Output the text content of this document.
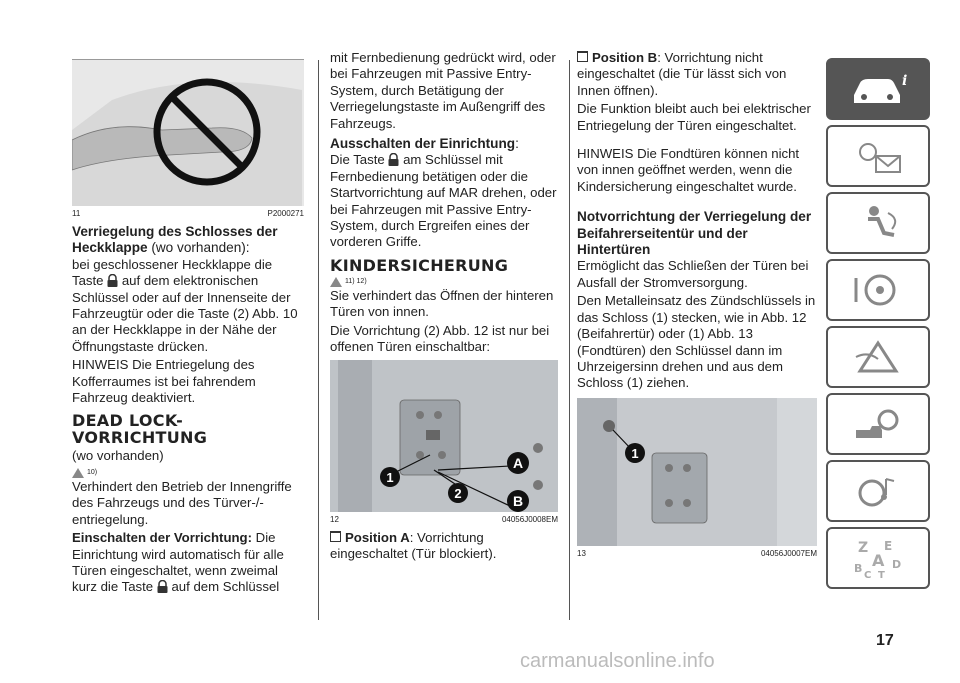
11	P2000271
Verriegelung des Schlosses der Heckklappe (wo vorhanden):

bei geschlossener Heckklappe die Taste  auf dem elektronischen Schlüssel oder auf der Innenseite der Fahrzeugtür oder die Taste (2) Abb. 10 an der Heckklappe in der Nähe der Öffnungstaste drücken.

HINWEIS Die Entriegelung des Kofferraumes ist bei fahrendem Fahrzeug deaktiviert.

DEAD LOCK-VORRICHTUNG

(wo vorhanden)

10)

Verhindert den Betrieb der Innengriffe des Fahrzeugs und des Türver-/-entriegelung.

Einschalten der Vorrichtung: Die Einrichtung wird automatisch für alle Türen eingeschaltet, wenn zweimal kurz die Taste  auf dem Schlüssel

mit Fernbedienung gedrückt wird, oder bei Fahrzeugen mit Passive Entry-System, durch Betätigung der Verriegelungstaste im Außengriff des Fahrzeugs.

Ausschalten der Einrichtung:

Die Taste  am Schlüssel mit Fernbedienung betätigen oder die Startvorrichtung auf MAR drehen, oder bei Fahrzeugen mit Passive Entry-System, durch Ergreifen eines der vorderen Griffe.

KINDERSICHERUNG
11) 12)

Sie verhindert das Öffnen der hinteren Türen von innen.

Die Vorrichtung (2) Abb. 12 ist nur bei offenen Türen einschaltbar:

1
2
A
B
12	04056J0008EM

Position A: Vorrichtung eingeschaltet (Tür blockiert).

Position B: Vorrichtung nicht eingeschaltet (die Tür lässt sich von Innen öffnen).

Die Funktion bleibt auch bei elektrischer Entriegelung der Türen eingeschaltet.

HINWEIS Die Fondtüren können nicht von innen geöffnet werden, wenn die Kindersicherung eingeschaltet wurde.

Notvorrichtung der Verriegelung der Beifahrerseitentür und der Hintertüren

Ermöglicht das Schließen der Türen bei Ausfall der Stromversorgung.

Den Metalleinsatz des Zündschlüssels in das Schloss (1) stecken, wie in Abb. 12 (Beifahrertür) oder (1) Abb. 13 (Fondtüren) den Schlüssel dann im Uhrzeigersinn drehen und aus dem Schloss (1) ziehen.

1
13	04056J0007EM
i
Z E
A
B	D
C T
17
carmanualsonline.info
